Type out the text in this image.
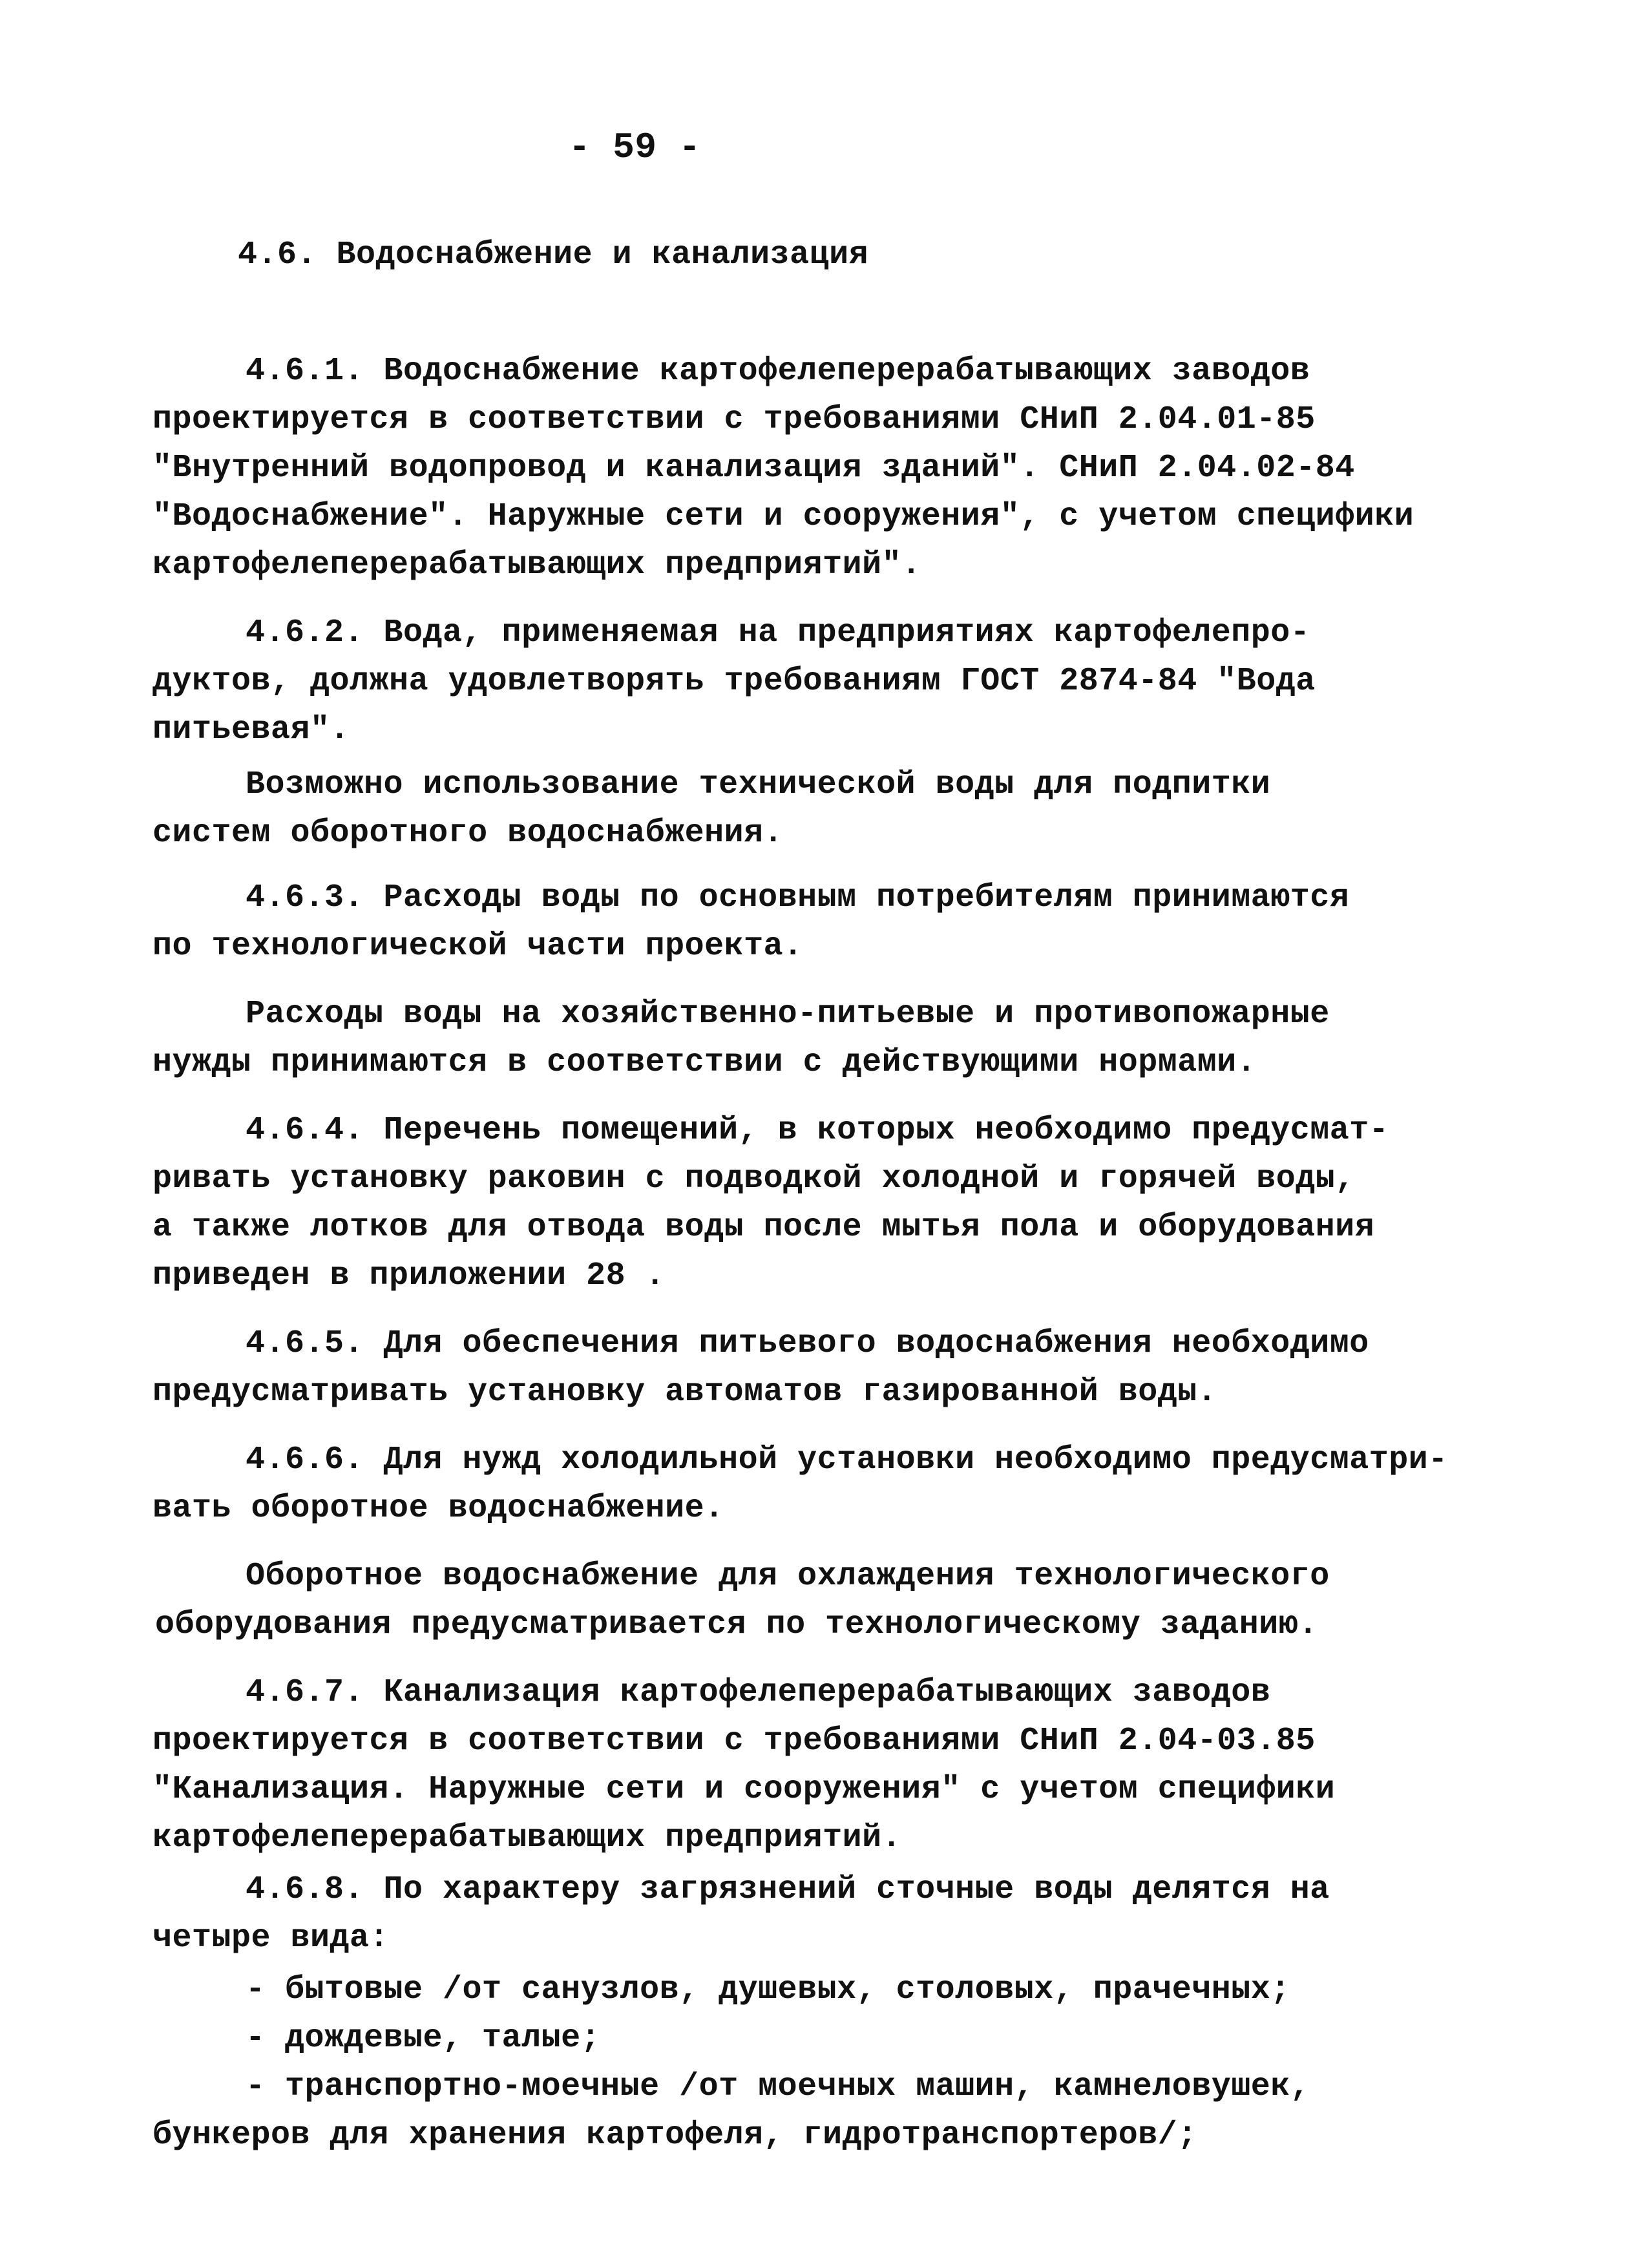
- 59 -
4.6. Водоснабжение и канализация
4.6.1. Водоснабжение картофелеперерабатывающих заводов
проектируется в соответствии с требованиями СНиП 2.04.01-85
"Внутренний водопровод и канализация зданий". СНиП 2.04.02-84
"Водоснабжение". Наружные сети и сооружения", с учетом специфики
картофелеперерабатывающих предприятий".
4.6.2. Вода, применяемая на предприятиях картофелепро-
дуктов, должна удовлетворять требованиям ГОСТ 2874-84 "Вода
питьевая".
Возможно использование технической воды для подпитки
систем оборотного водоснабжения.
4.6.3. Расходы воды по основным потребителям принимаются
по технологической части проекта.
Расходы воды на хозяйственно-питьевые и противопожарные
нужды принимаются в соответствии с действующими нормами.
4.6.4. Перечень помещений, в которых необходимо предусмат-
ривать установку раковин с подводкой холодной и горячей воды,
а также лотков для отвода воды после мытья пола и оборудования
приведен в приложении 28 .
4.6.5. Для обеспечения питьевого водоснабжения необходимо
предусматривать установку автоматов газированной воды.
4.6.6. Для нужд холодильной установки необходимо предусматри-
вать оборотное водоснабжение.
Оборотное водоснабжение для охлаждения технологического
оборудования предусматривается по технологическому заданию.
4.6.7. Канализация картофелеперерабатывающих заводов
проектируется в соответствии с требованиями СНиП 2.04-03.85
"Канализация. Наружные сети и сооружения" с учетом специфики
картофелеперерабатывающих предприятий.
4.6.8. По характеру загрязнений сточные воды делятся на
четыре вида:
- бытовые /от санузлов, душевых, столовых, прачечных;
- дождевые, талые;
- транспортно-моечные /от моечных машин, камнеловушек,
бункеров для хранения картофеля, гидротранспортеров/;
